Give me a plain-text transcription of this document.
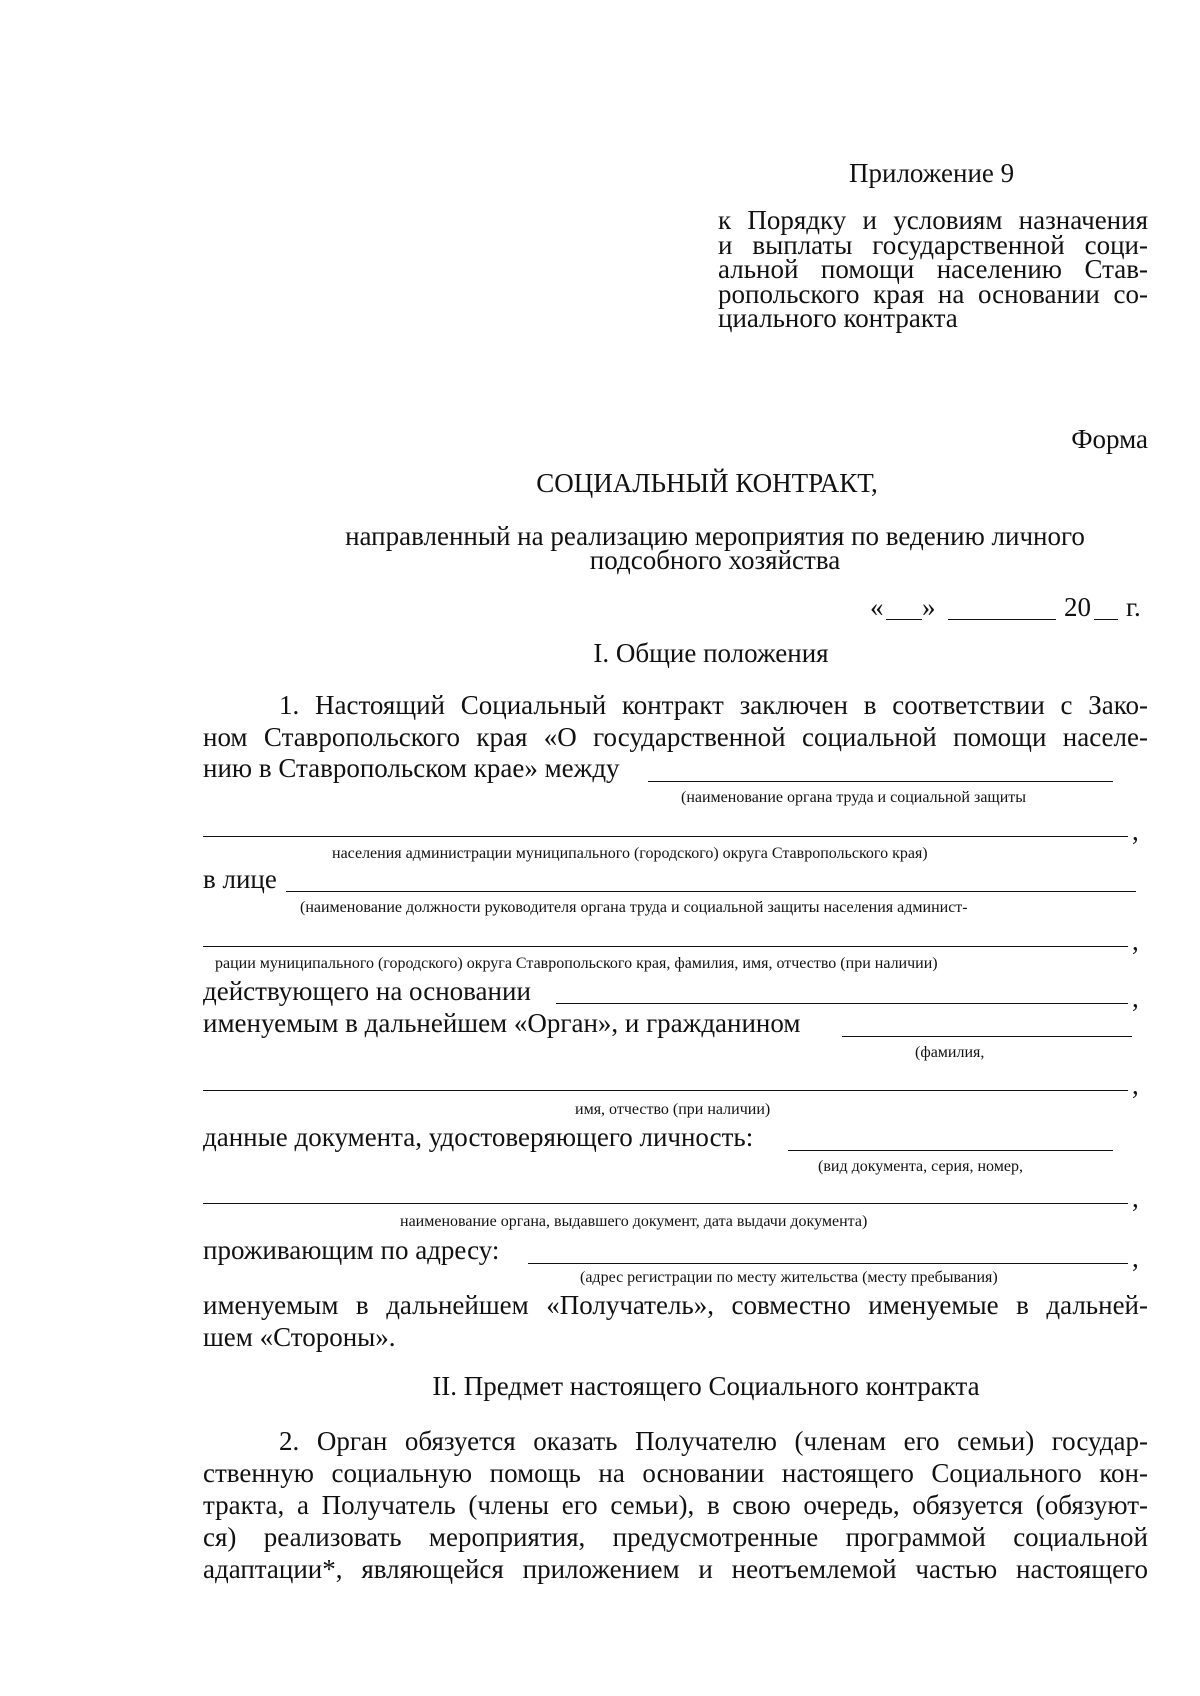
Приложение 9
к Порядку и условиям назначения
и выплаты государственной соци-
альной помощи населению Став-
ропольского края на основании со-
циального контракта
Форма
СОЦИАЛЬНЫЙ КОНТРАКТ,
направленный на реализацию мероприятия по ведению личного
подсобного хозяйства
« »	20 г.
I. Общие положения
1. Настоящий Социальный контракт заключен в соответствии с Зако-
ном Ставропольского края «О государственной социальной помощи населе-
нию в Ставропольском крае» между
(наименование органа труда и социальной защиты
,
населения администрации муниципального (городского) округа Ставропольского края)
в лице
(наименование должности руководителя органа труда и социальной защиты населения админист-
,
рации муниципального (городского) округа Ставропольского края, фамилия, имя, отчество (при наличии)
действующего на основании	,
именуемым в дальнейшем «Орган», и гражданином
(фамилия,
,
имя, отчество (при наличии)
данные документа, удостоверяющего личность:
(вид документа, серия, номер,
,
наименование органа, выдавшего документ, дата выдачи документа)
проживающим по адресу:	,
(адрес регистрации по месту жительства (месту пребывания)
именуемым в дальнейшем «Получатель», совместно именуемые в дальней-
шем «Стороны».
II. Предмет настоящего Социального контракта
2. Орган обязуется оказать Получателю (членам его семьи) государ-
ственную социальную помощь на основании настоящего Социального кон-
тракта, а Получатель (члены его семьи), в свою очередь, обязуется (обязуют-
ся) реализовать мероприятия, предусмотренные программой социальной
адаптации*, являющейся приложением и неотъемлемой частью настоящего
